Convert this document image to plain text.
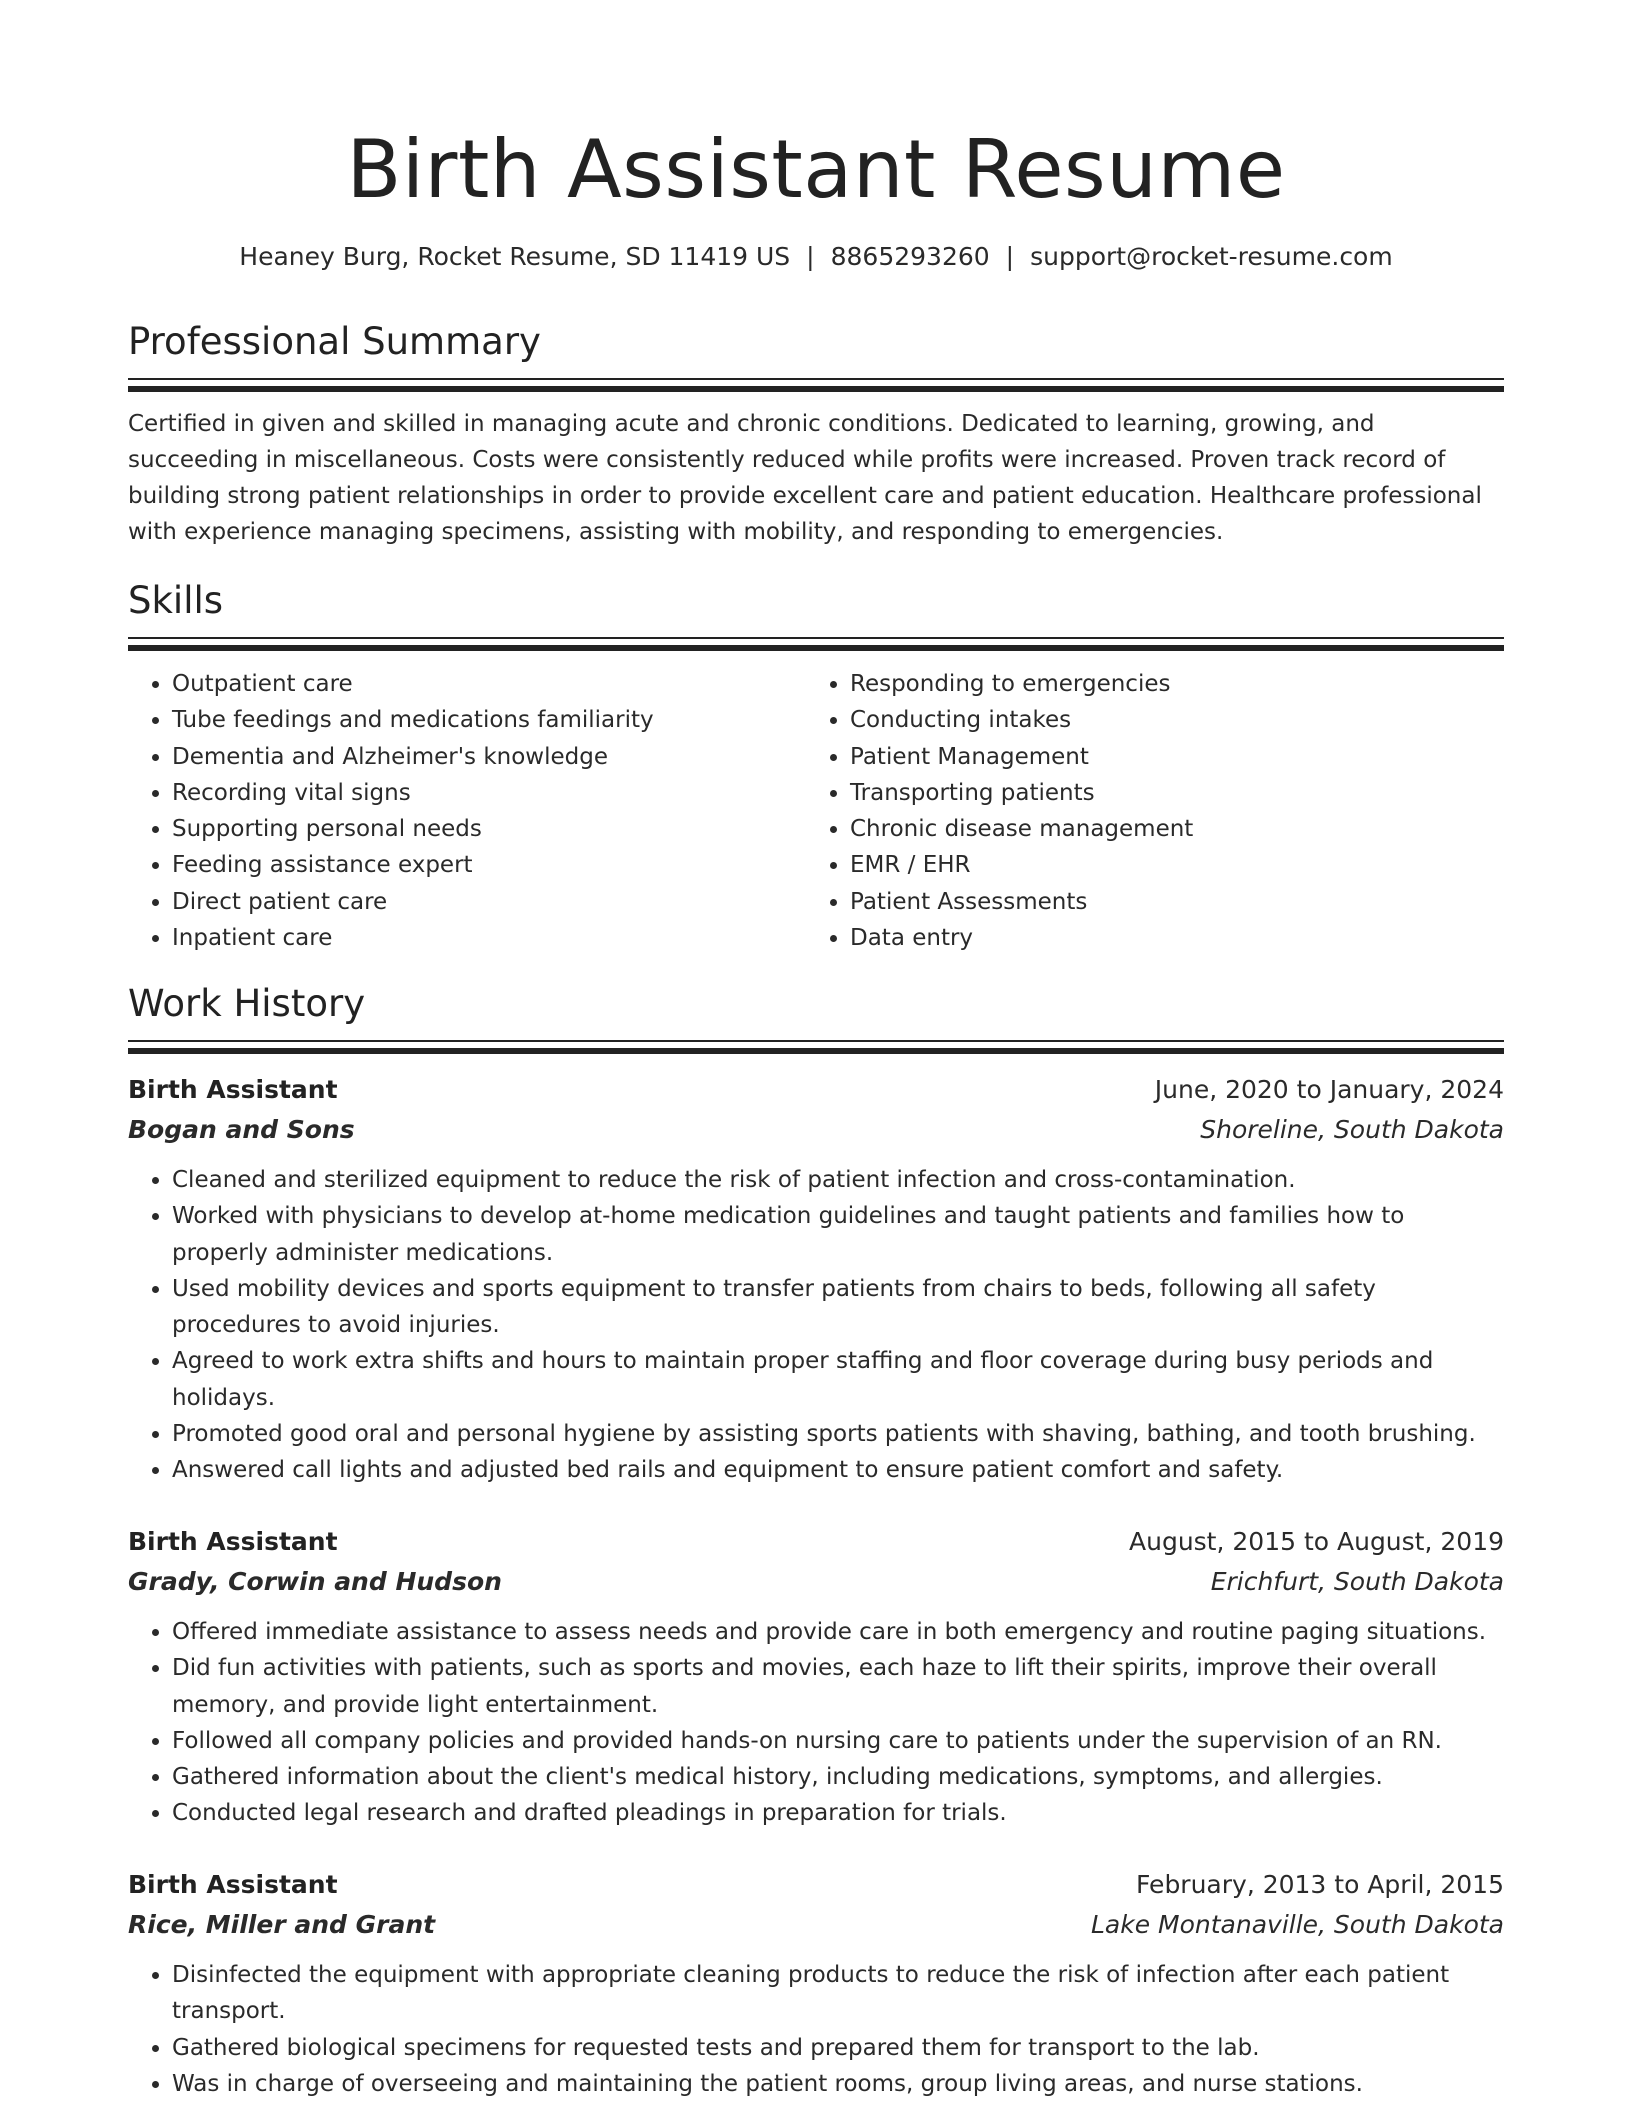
Birth Assistant Resume
Heaney Burg, Rocket Resume, SD 11419 US | 8865293260 | support@rocket-resume.com
Professional Summary
Certified in given and skilled in managing acute and chronic conditions. Dedicated to learning, growing, and succeeding in miscellaneous. Costs were consistently reduced while profits were increased. Proven track record of building strong patient relationships in order to provide excellent care and patient education. Healthcare professional with experience managing specimens, assisting with mobility, and responding to emergencies.
Skills
• Outpatient care
• Tube feedings and medications familiarity
• Dementia and Alzheimer's knowledge
• Recording vital signs
• Supporting personal needs
• Feeding assistance expert
• Direct patient care
• Inpatient care
• Responding to emergencies
• Conducting intakes
• Patient Management
• Transporting patients
• Chronic disease management
• EMR / EHR
• Patient Assessments
• Data entry
Work History
Birth Assistant	June, 2020 to January, 2024
Bogan and Sons	Shoreline, South Dakota
• Cleaned and sterilized equipment to reduce the risk of patient infection and cross-contamination.
• Worked with physicians to develop at-home medication guidelines and taught patients and families how to properly administer medications.
• Used mobility devices and sports equipment to transfer patients from chairs to beds, following all safety procedures to avoid injuries.
• Agreed to work extra shifts and hours to maintain proper staffing and floor coverage during busy periods and holidays.
• Promoted good oral and personal hygiene by assisting sports patients with shaving, bathing, and tooth brushing.
• Answered call lights and adjusted bed rails and equipment to ensure patient comfort and safety.
Birth Assistant	August, 2015 to August, 2019
Grady, Corwin and Hudson	Erichfurt, South Dakota
• Offered immediate assistance to assess needs and provide care in both emergency and routine paging situations.
• Did fun activities with patients, such as sports and movies, each haze to lift their spirits, improve their overall memory, and provide light entertainment.
• Followed all company policies and provided hands-on nursing care to patients under the supervision of an RN.
• Gathered information about the client's medical history, including medications, symptoms, and allergies.
• Conducted legal research and drafted pleadings in preparation for trials.
Birth Assistant	February, 2013 to April, 2015
Rice, Miller and Grant	Lake Montanaville, South Dakota
• Disinfected the equipment with appropriate cleaning products to reduce the risk of infection after each patient transport.
• Gathered biological specimens for requested tests and prepared them for transport to the lab.
• Was in charge of overseeing and maintaining the patient rooms, group living areas, and nurse stations.
